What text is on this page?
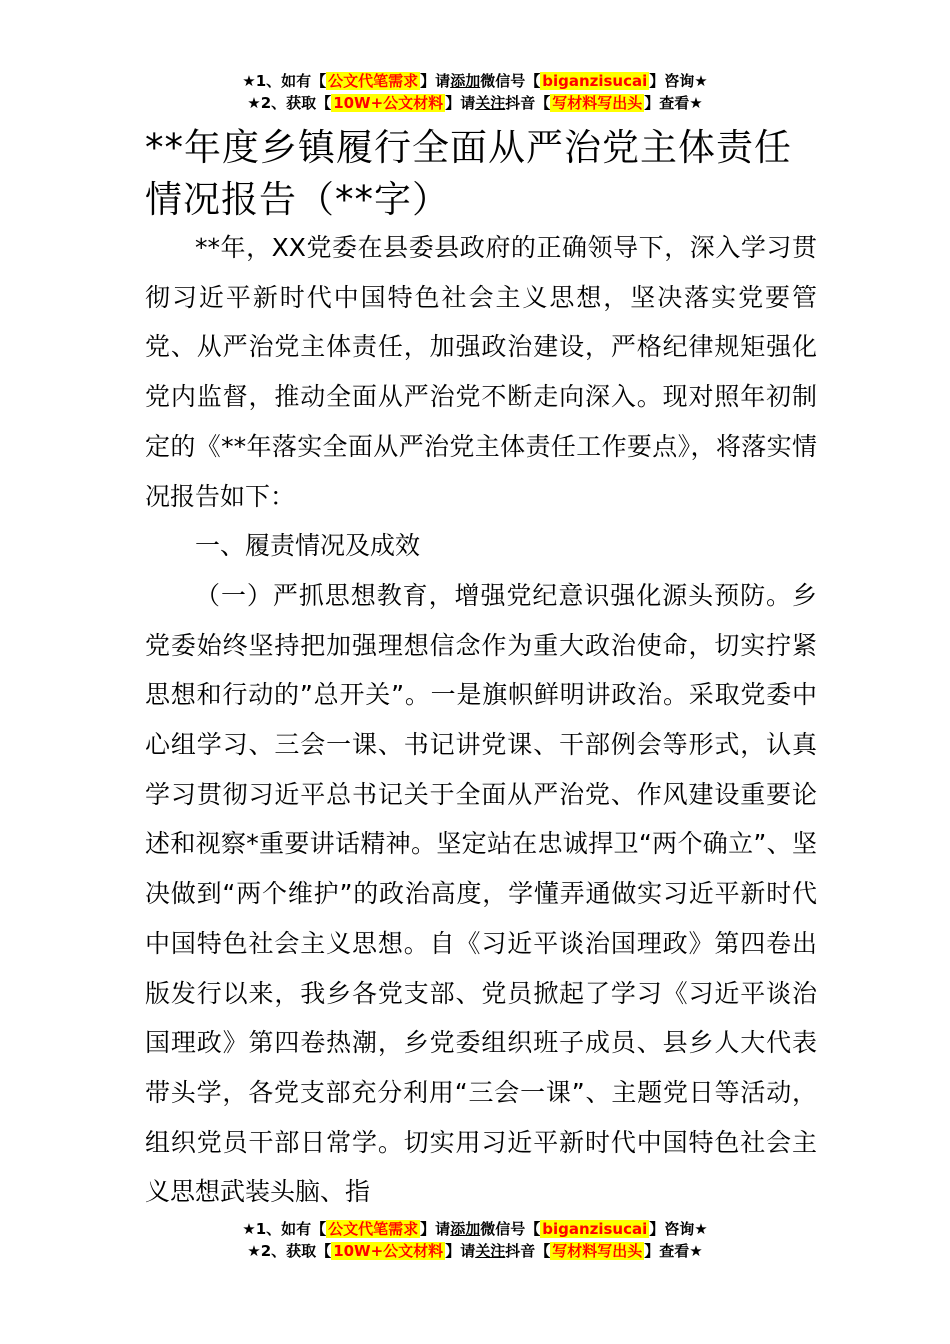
★1、如有【 公文代笔需求 】请添加微信号【 biganzisucai 】咨询★
★2、获取【 10W+公文材料 】请关注抖音【 写材料写出头 】查看★
**年度乡镇履行全面从严治党主体责任情况报告（**字）

**年，XX党委在县委县政府的正确领导下，深入学习贯彻习近平新时代中国特色社会主义思想，坚决落实党要管党、从严治党主体责任，加强政治建设，严格纪律规矩强化党内监督，推动全面从严治党不断走向深入。现对照年初制定的《**年落实全面从严治党主体责任工作要点》，将落实情况报告如下：

一、履责情况及成效

（一）严抓思想教育，增强党纪意识强化源头预防。乡党委始终坚持把加强理想信念作为重大政治使命，切实拧紧思想和行动的”总开关”。一是旗帜鲜明讲政治。采取党委中心组学习、三会一课、书记讲党课、干部例会等形式，认真学习贯彻习近平总书记关于全面从严治党、作风建设重要论述和视察*重要讲话精神。坚定站在忠诚捍卫“两个确立”、坚决做到“两个维护”的政治高度，学懂弄通做实习近平新时代中国特色社会主义思想。自《习近平谈治国理政》第四卷出版发行以来，我乡各党支部、党员掀起了学习《习近平谈治国理政》第四卷热潮，乡党委组织班子成员、县乡人大代表带头学，各党支部充分利用“三会一课”、主题党日等活动，组织党员干部日常学。切实用习近平新时代中国特色社会主义思想武装头脑、指

★1、如有【 公文代笔需求 】请添加微信号【 biganzisucai 】咨询★
★2、获取【 10W+公文材料 】请关注抖音【 写材料写出头 】查看★
